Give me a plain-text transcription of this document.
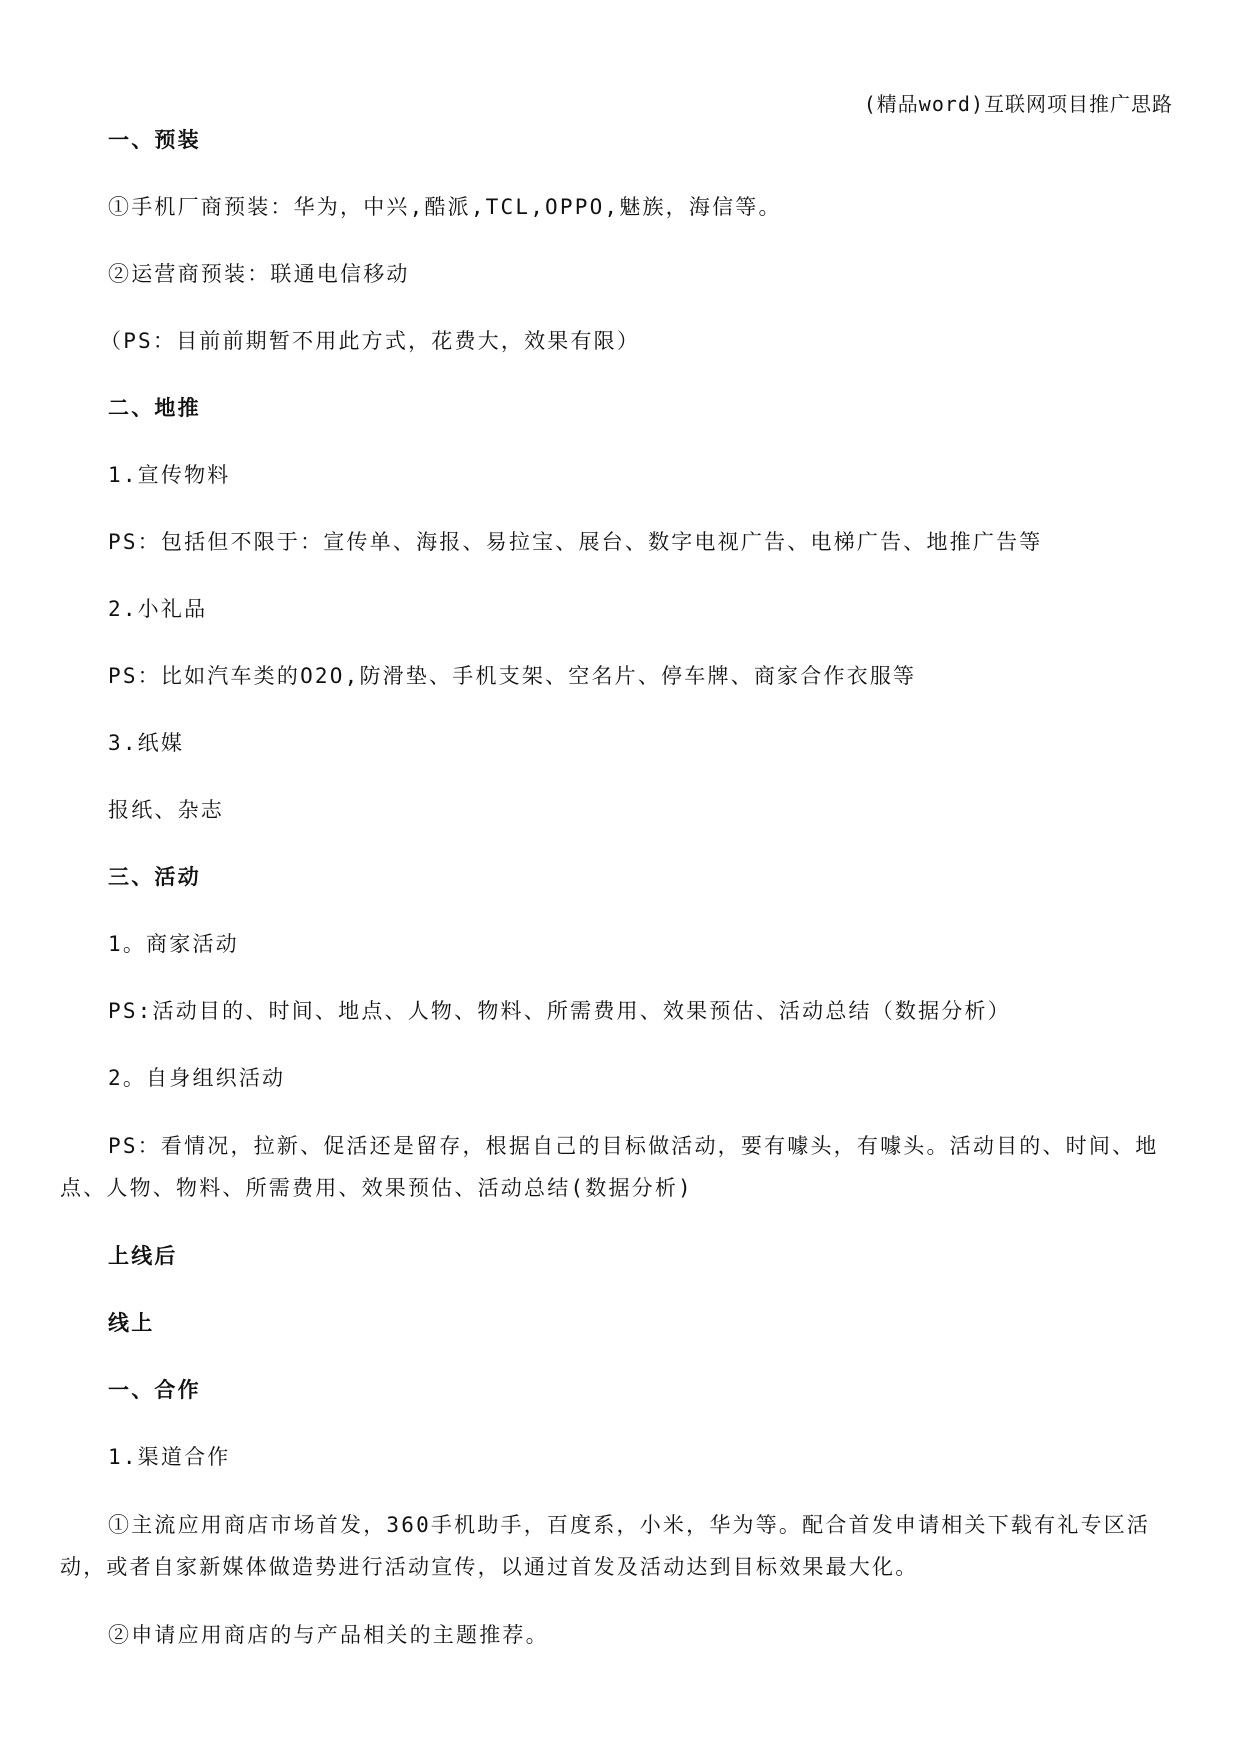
(精品word)互联网项目推广思路

一、预装

①手机厂商预装：华为，中兴,酷派,TCL,OPPO,魅族，海信等。

②运营商预装：联通电信移动

（PS：目前前期暂不用此方式，花费大，效果有限）

二、地推

1.宣传物料

PS：包括但不限于：宣传单、海报、易拉宝、展台、数字电视广告、电梯广告、地推广告等

2.小礼品

PS：比如汽车类的O2O,防滑垫、手机支架、空名片、停车牌、商家合作衣服等

3.纸媒

报纸、杂志

三、活动

1。商家活动

PS:活动目的、时间、地点、人物、物料、所需费用、效果预估、活动总结（数据分析）

2。自身组织活动

PS：看情况，拉新、促活还是留存，根据自己的目标做活动，要有噱头，有噱头。活动目的、时间、地点、人物、物料、所需费用、效果预估、活动总结(数据分析)

上线后

线上

一、合作

1.渠道合作

①主流应用商店市场首发，360手机助手，百度系，小米，华为等。配合首发申请相关下载有礼专区活动，或者自家新媒体做造势进行活动宣传，以通过首发及活动达到目标效果最大化。

②申请应用商店的与产品相关的主题推荐。
